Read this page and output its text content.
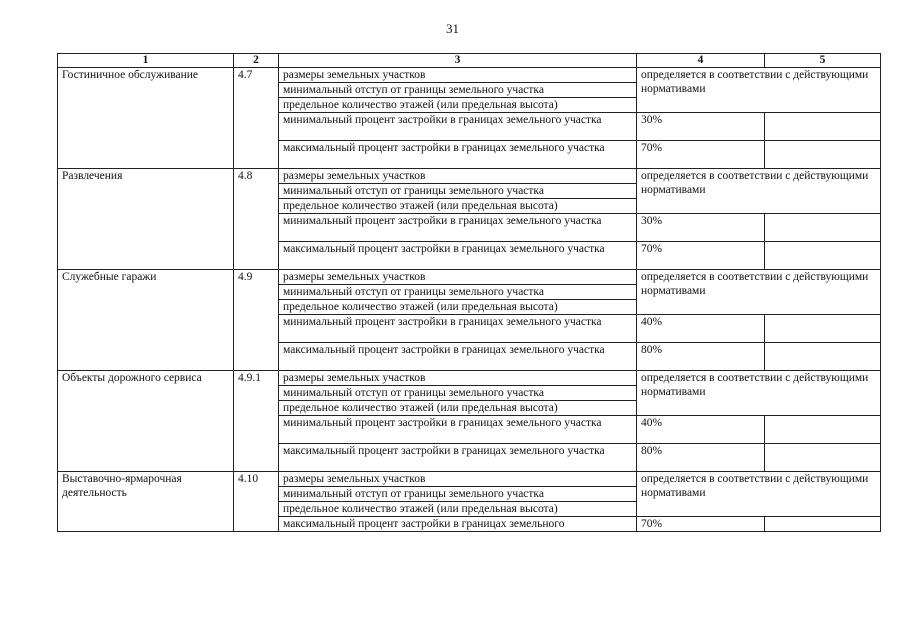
31
1	2	3	4	5
Гостиничное обслуживание	4.7	размеры земельных участков	определяется в соответствии с действующими нормативами	
		минимальный отступ от границы земельного участка		
		предельное количество этажей (или предельная высота)		
		минимальный процент застройки в границах земельного участка	30%	
		максимальный процент застройки в границах земельного участка	70%	
Развлечения	4.8	размеры земельных участков	определяется в соответствии с действующими нормативами	
		минимальный отступ от границы земельного участка		
		предельное количество этажей (или предельная высота)		
		минимальный процент застройки в границах земельного участка	30%	
		максимальный процент застройки в границах земельного участка	70%	
Служебные гаражи	4.9	размеры земельных участков	определяется в соответствии с действующими нормативами	
		минимальный отступ от границы земельного участка		
		предельное количество этажей (или предельная высота)		
		минимальный процент застройки в границах земельного участка	40%	
		максимальный процент застройки в границах земельного участка	80%	
Объекты дорожного сервиса	4.9.1	размеры земельных участков	определяется в соответствии с действующими нормативами	
		минимальный отступ от границы земельного участка		
		предельное количество этажей (или предельная высота)		
		минимальный процент застройки в границах земельного участка	40%	
		максимальный процент застройки в границах земельного участка	80%	
Выставочно-ярмарочная деятельность	4.10	размеры земельных участков	определяется в соответствии с действующими нормативами	
		минимальный отступ от границы земельного участка		
		предельное количество этажей (или предельная высота)		
		максимальный процент застройки в границах земельного	70%	
